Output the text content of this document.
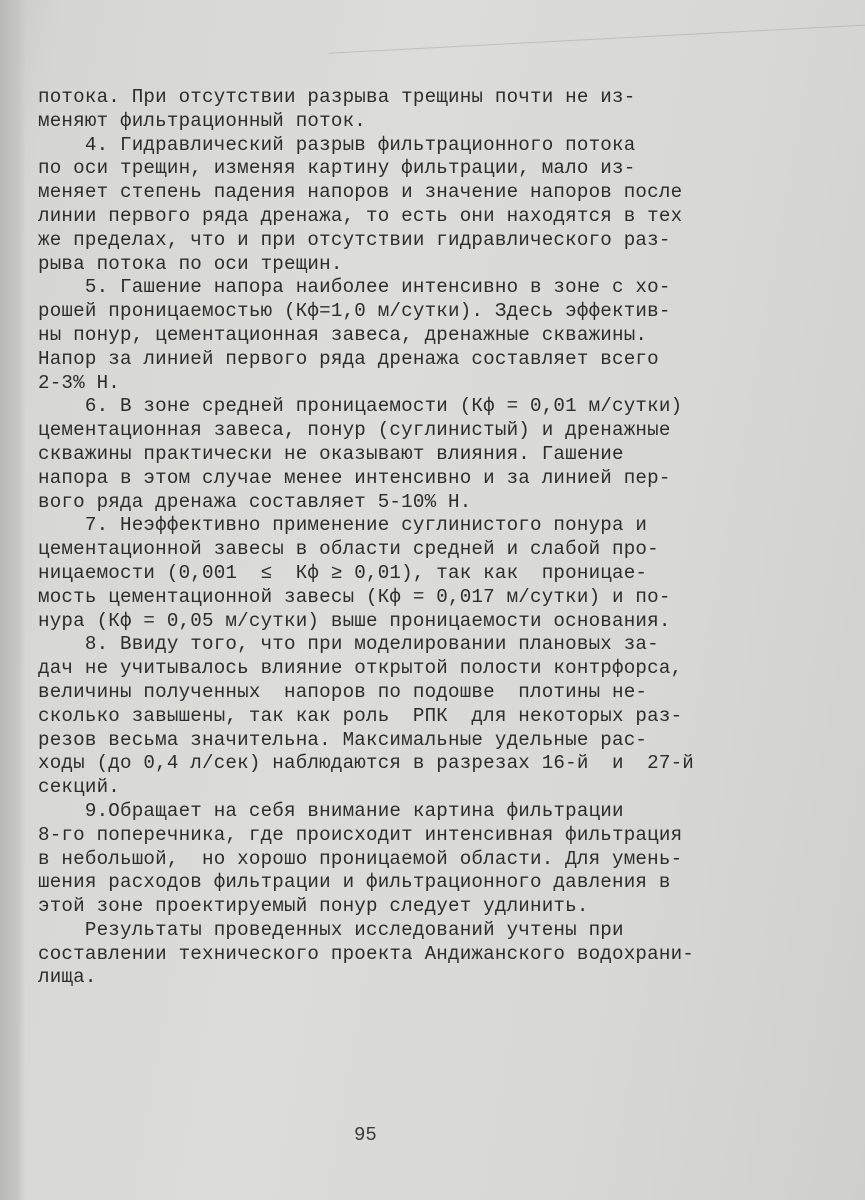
потока. При отсутствии разрыва трещины почти не из-
меняют фильтрационный поток.
4. Гидравлический разрыв фильтрационного потока
по оси трещин, изменяя картину фильтрации, мало из-
меняет степень падения напоров и значение напоров после
линии первого ряда дренажа, то есть они находятся в тех
же пределах, что и при отсутствии гидравлического раз-
рыва потока по оси трещин.
5. Гашение напора наиболее интенсивно в зоне с хо-
рошей проницаемостью (Кф=1,0 м/сутки). Здесь эффектив-
ны понур, цементационная завеса, дренажные скважины.
Напор за линией первого ряда дренажа составляет всего
2-3% Н.
6. В зоне средней проницаемости (Кф = 0,01 м/сутки)
цементационная завеса, понур (суглинистый) и дренажные
скважины практически не оказывают влияния. Гашение
напора в этом случае менее интенсивно и за линией пер-
вого ряда дренажа составляет 5-10% Н.
7. Неэффективно применение суглинистого понура и
цементационной завесы в области средней и слабой про-
ницаемости (0,001  ≤  Кф ≥ 0,01), так как  проницае-
мость цементационной завесы (Кф = 0,017 м/сутки) и по-
нура (Кф = 0,05 м/сутки) выше проницаемости основания.
8. Ввиду того, что при моделировании плановых за-
дач не учитывалось влияние открытой полости контрфорса,
величины полученных  напоров по подошве  плотины не-
сколько завышены, так как роль  РПК  для некоторых раз-
резов весьма значительна. Максимальные удельные рас-
ходы (до 0,4 л/сек) наблюдаются в разрезах 16-й  и  27-й
секций.
9.Обращает на себя внимание картина фильтрации
8-го поперечника, где происходит интенсивная фильтрация
в небольшой,  но хорошо проницаемой области. Для умень-
шения расходов фильтрации и фильтрационного давления в
этой зоне проектируемый понур следует удлинить.
Результаты проведенных исследований учтены при
составлении технического проекта Андижанского водохрани-
лища.
95
